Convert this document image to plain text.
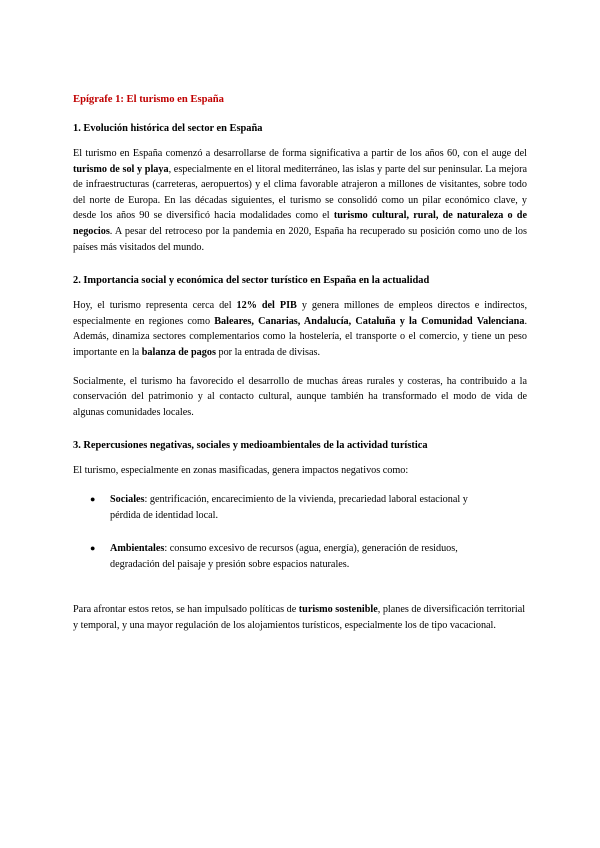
Epígrafe 1: El turismo en España
1. Evolución histórica del sector en España

El turismo en España comenzó a desarrollarse de forma significativa a partir de los años 60, con el auge del turismo de sol y playa, especialmente en el litoral mediterráneo, las islas y parte del sur peninsular. La mejora de infraestructuras (carreteras, aeropuertos) y el clima favorable atrajeron a millones de visitantes, sobre todo del norte de Europa. En las décadas siguientes, el turismo se consolidó como un pilar económico clave, y desde los años 90 se diversificó hacia modalidades como el turismo cultural, rural, de naturaleza o de negocios. A pesar del retroceso por la pandemia en 2020, España ha recuperado su posición como uno de los países más visitados del mundo.

2. Importancia social y económica del sector turístico en España en la actualidad

Hoy, el turismo representa cerca del 12% del PIB y genera millones de empleos directos e indirectos, especialmente en regiones como Baleares, Canarias, Andalucía, Cataluña y la Comunidad Valenciana. Además, dinamiza sectores complementarios como la hostelería, el transporte o el comercio, y tiene un peso importante en la balanza de pagos por la entrada de divisas.

Socialmente, el turismo ha favorecido el desarrollo de muchas áreas rurales y costeras, ha contribuido a la conservación del patrimonio y al contacto cultural, aunque también ha transformado el modo de vida de algunas comunidades locales.

3. Repercusiones negativas, sociales y medioambientales de la actividad turística

El turismo, especialmente en zonas masificadas, genera impactos negativos como:

● Sociales: gentrificación, encarecimiento de la vivienda, precariedad laboral estacional y pérdida de identidad local.
● Ambientales: consumo excesivo de recursos (agua, energía), generación de residuos, degradación del paisaje y presión sobre espacios naturales.

Para afrontar estos retos, se han impulsado políticas de turismo sostenible, planes de diversificación territorial y temporal, y una mayor regulación de los alojamientos turísticos, especialmente los de tipo vacacional.
